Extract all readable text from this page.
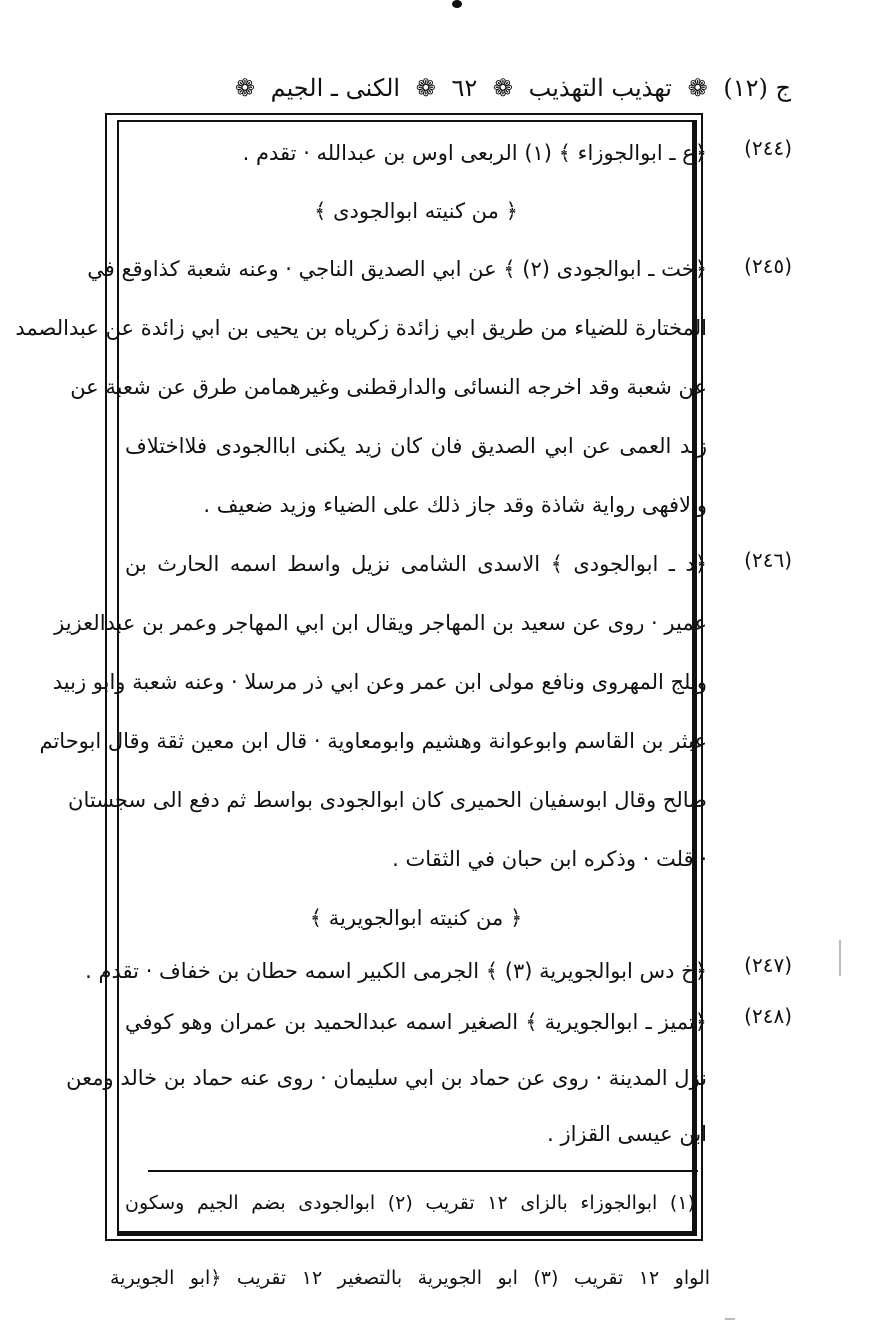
ج (١٢) ❁ تهذيب التهذيب ❁ ٦٢ ❁ الكنى ـ الجيم ❁
(٢٤٤)
(٢٤٥)
(٢٤٦)
(٢٤٧)
(٢٤٨)
﴿ع ـ ابوالجوزاء ﴾ (١) الربعى اوس بن عبدالله · تقدم .
﴿ من كنيته ابوالجودى ﴾
﴿خت ـ ابوالجودى (٢) ﴾ عن ابي الصديق الناجي · وعنه شعبة كذاوقع في
المختارة للضياء من طريق ابي زائدة زكرياه بن يحيى بن ابي زائدة عن عبدالصمد
عن شعبة وقد اخرجه النسائى والدارقطنى وغيرهمامن طرق عن شعبة عن
زيد العمى عن ابي الصديق فان كان زيد يكنى اباالجودى فلااختلاف
والافهى رواية شاذة وقد جاز ذلك على الضياء وزيد ضعيف .
﴿د ـ ابوالجودى ﴾ الاسدى الشامى نزيل واسط اسمه الحارث بن
عمير · روى عن سعيد بن المهاجر ويقال ابن ابي المهاجر وعمر بن عبدالعزيز
وبلج المهروى ونافع مولى ابن عمر وعن ابي ذر مرسلا · وعنه شعبة وابو زبيد
عبثر بن القاسم وابوعوانة وهشيم وابومعاوية · قال ابن معين ثقة وقال ابوحاتم
صالح وقال ابوسفيان الحميرى كان ابوالجودى بواسط ثم دفع الى سجستان
· قلت · وذكره ابن حبان في الثقات .
﴿ من كنيته ابوالجويرية ﴾
﴿خ دس ابوالجويرية (٣) ﴾ الجرمى الكبير اسمه حطان بن خفاف · تقدم .
﴿تميز ـ ابوالجويرية ﴾ الصغير اسمه عبدالحميد بن عمران وهو كوفي
نزل المدينة · روى عن حماد بن ابي سليمان · روى عنه حماد بن خالد ومعن
ابن عيسى القزاز .
(١) ابوالجوزاء بالزاى ١٢ تقريب (٢) ابوالجودى بضم الجيم وسكون
الواو ١٢ تقريب (٣) ابو الجويرية بالتصغير ١٢ تقريب ﴿ابو الجويرية
